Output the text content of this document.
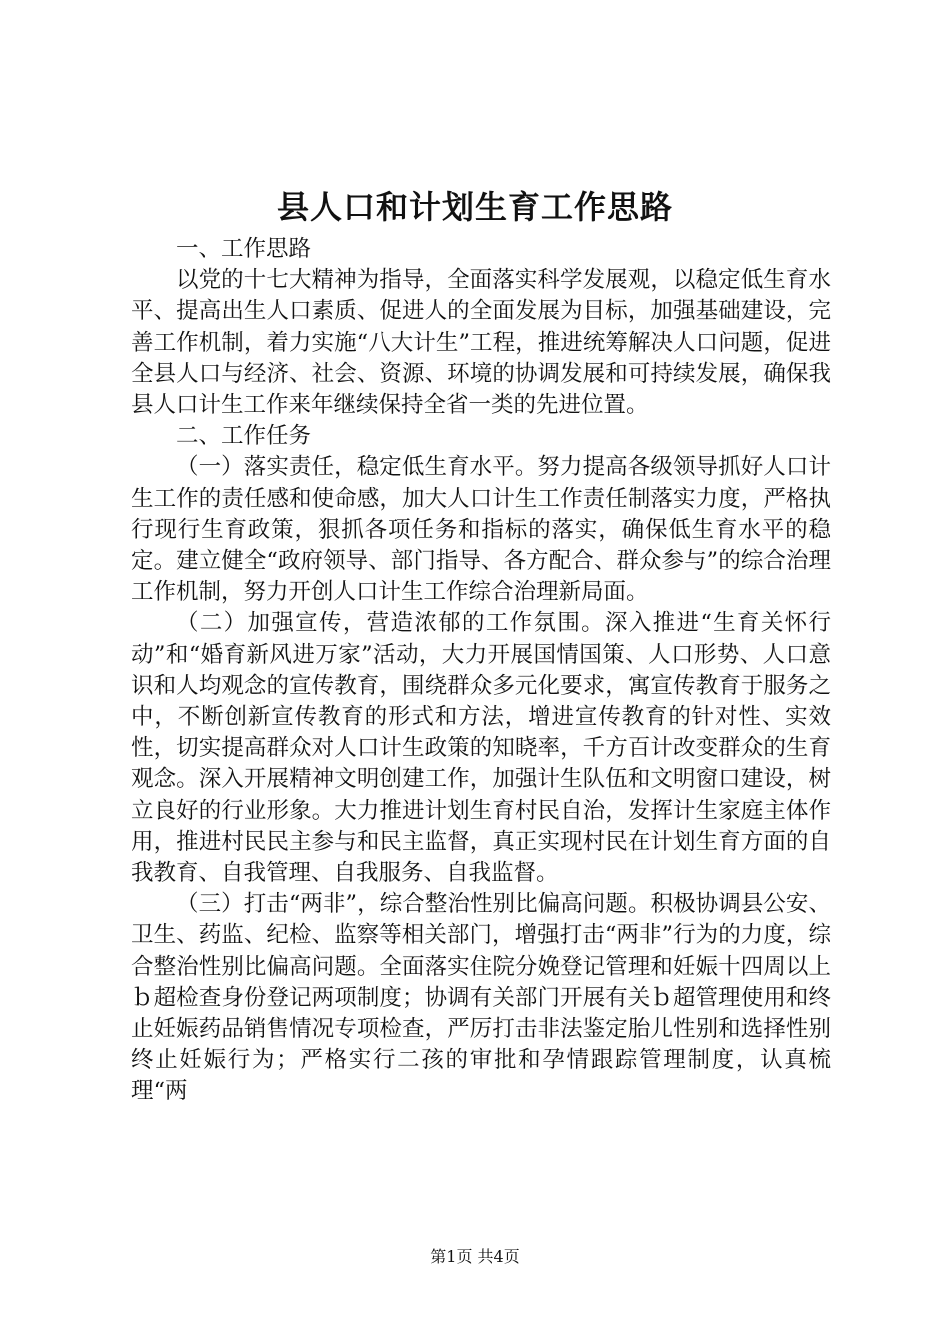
县人口和计划生育工作思路

一、工作思路

以党的十七大精神为指导，全面落实科学发展观，以稳定低生育水平、提高出生人口素质、促进人的全面发展为目标，加强基础建设，完善工作机制，着力实施“八大计生”工程，推进统筹解决人口问题，促进全县人口与经济、社会、资源、环境的协调发展和可持续发展，确保我县人口计生工作来年继续保持全省一类的先进位置。

二、工作任务

（一）落实责任，稳定低生育水平。努力提高各级领导抓好人口计生工作的责任感和使命感，加大人口计生工作责任制落实力度，严格执行现行生育政策，狠抓各项任务和指标的落实，确保低生育水平的稳定。建立健全“政府领导、部门指导、各方配合、群众参与”的综合治理工作机制，努力开创人口计生工作综合治理新局面。

（二）加强宣传，营造浓郁的工作氛围。深入推进“生育关怀行动”和“婚育新风进万家”活动，大力开展国情国策、人口形势、人口意识和人均观念的宣传教育，围绕群众多元化要求，寓宣传教育于服务之中，不断创新宣传教育的形式和方法，增进宣传教育的针对性、实效性，切实提高群众对人口计生政策的知晓率，千方百计改变群众的生育观念。深入开展精神文明创建工作，加强计生队伍和文明窗口建设，树立良好的行业形象。大力推进计划生育村民自治，发挥计生家庭主体作用，推进村民民主参与和民主监督，真正实现村民在计划生育方面的自我教育、自我管理、自我服务、自我监督。

（三）打击“两非”，综合整治性别比偏高问题。积极协调县公安、卫生、药监、纪检、监察等相关部门，增强打击“两非”行为的力度，综合整治性别比偏高问题。全面落实住院分娩登记管理和妊娠十四周以上ｂ超检查身份登记两项制度；协调有关部门开展有关ｂ超管理使用和终止妊娠药品销售情况专项检查，严厉打击非法鉴定胎儿性别和选择性别终止妊娠行为；严格实行二孩的审批和孕情跟踪管理制度，认真梳理“两

第1页 共4页
